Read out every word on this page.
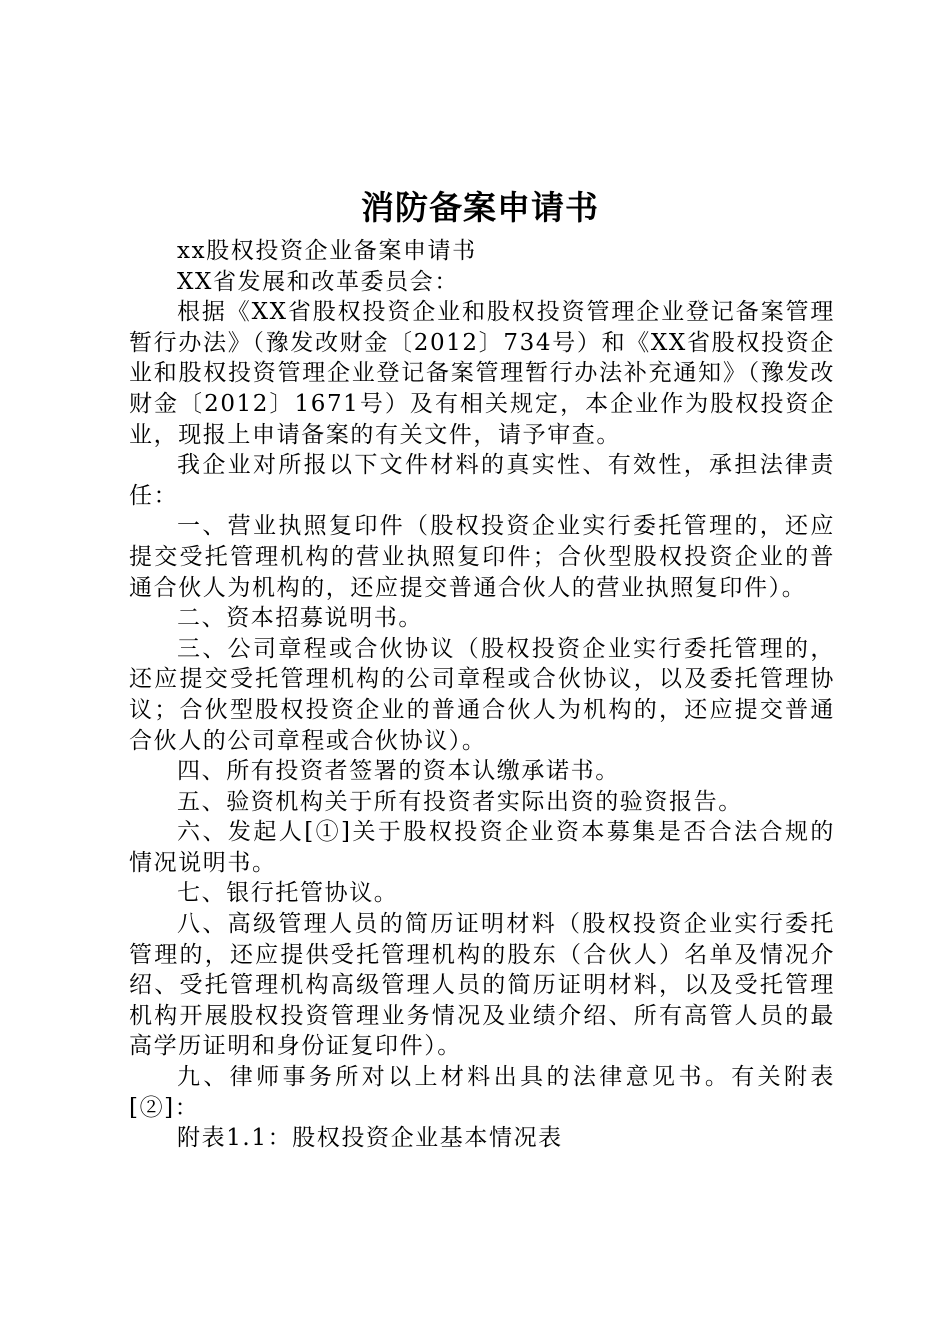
消防备案申请书

xx股权投资企业备案申请书

XX省发展和改革委员会：

根据《XX省股权投资企业和股权投资管理企业登记备案管理暂行办法》（豫发改财金〔2012〕734号）和《XX省股权投资企业和股权投资管理企业登记备案管理暂行办法补充通知》（豫发改财金〔2012〕1671号）及有相关规定，本企业作为股权投资企业，现报上申请备案的有关文件，请予审查。

我企业对所报以下文件材料的真实性、有效性，承担法律责任：

一、营业执照复印件（股权投资企业实行委托管理的，还应提交受托管理机构的营业执照复印件；合伙型股权投资企业的普通合伙人为机构的，还应提交普通合伙人的营业执照复印件）。

二、资本招募说明书。

三、公司章程或合伙协议（股权投资企业实行委托管理的，还应提交受托管理机构的公司章程或合伙协议，以及委托管理协议；合伙型股权投资企业的普通合伙人为机构的，还应提交普通合伙人的公司章程或合伙协议）。

四、所有投资者签署的资本认缴承诺书。

五、验资机构关于所有投资者实际出资的验资报告。

六、发起人[①]关于股权投资企业资本募集是否合法合规的情况说明书。

七、银行托管协议。

八、高级管理人员的简历证明材料（股权投资企业实行委托管理的，还应提供受托管理机构的股东（合伙人）名单及情况介绍、受托管理机构高级管理人员的简历证明材料，以及受托管理机构开展股权投资管理业务情况及业绩介绍、所有高管人员的最高学历证明和身份证复印件）。

九、律师事务所对以上材料出具的法律意见书。有关附表[②]：

附表1.1：股权投资企业基本情况表
